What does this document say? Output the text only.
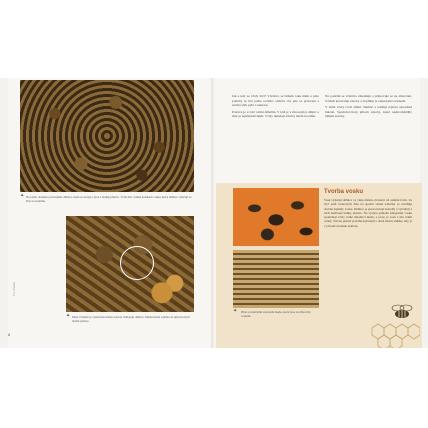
✦ Na tomto obrázku pozorujeme dělnice, které se starají o plod a budují plástve. Včelí dílo vzniká kouskem vosku, který dělnice vylučují ze žláz na zadečku.
✦ Mezi včelami je vyznačena matka, kterou obklopují dělnice. Matka klade vajíčka do připravených buněk plástve.
Pro včelaře
8

Jak a kdy se včely živí? Včelstvo se během roku mění a jeho potřeby se liší podle ročního období. Na jaře se probouzí a začíná sběr pylu a nektaru.

Potrava je u včel velmi důležitá. V létě je v úlu nejvíce dělnic a sběr je nejintenzivnější. Včely ukládají zásoby medu na zimu.

Na podzim se včelstvo zmenšuje a připravuje se na zimování. Včelaři kontrolují zásoby a doplňují je cukerným roztokem.

V zimě včely tvoří zimní chumáč a udržují teplotu uprostřed hnízda. Spotřebovávají přitom zásoby, které nashromáždily během sezóny.

✦ Plást s uloženými zásobami medu, které jsou zavíčkovány voskem.
Tvorba vosku
Vosk vylučují dělnice ve věku zhruba dvanácti až osmnácti dní. Ze čtyř párů voskových žláz na spodní straně zadečku se uvolňují drobné šupinky vosku. Dělnice je zpracovávají kusadly a vytvářejí z nich šestiboké buňky plástve. Na výrobu jednoho kilogramu vosku spotřebují včely velké množství medu, a proto je vosk v úlu velmi cenný. Stavba pláství probíhá nejčastěji v době hlavní snůšky, kdy je v přírodě dostatek nektaru.
